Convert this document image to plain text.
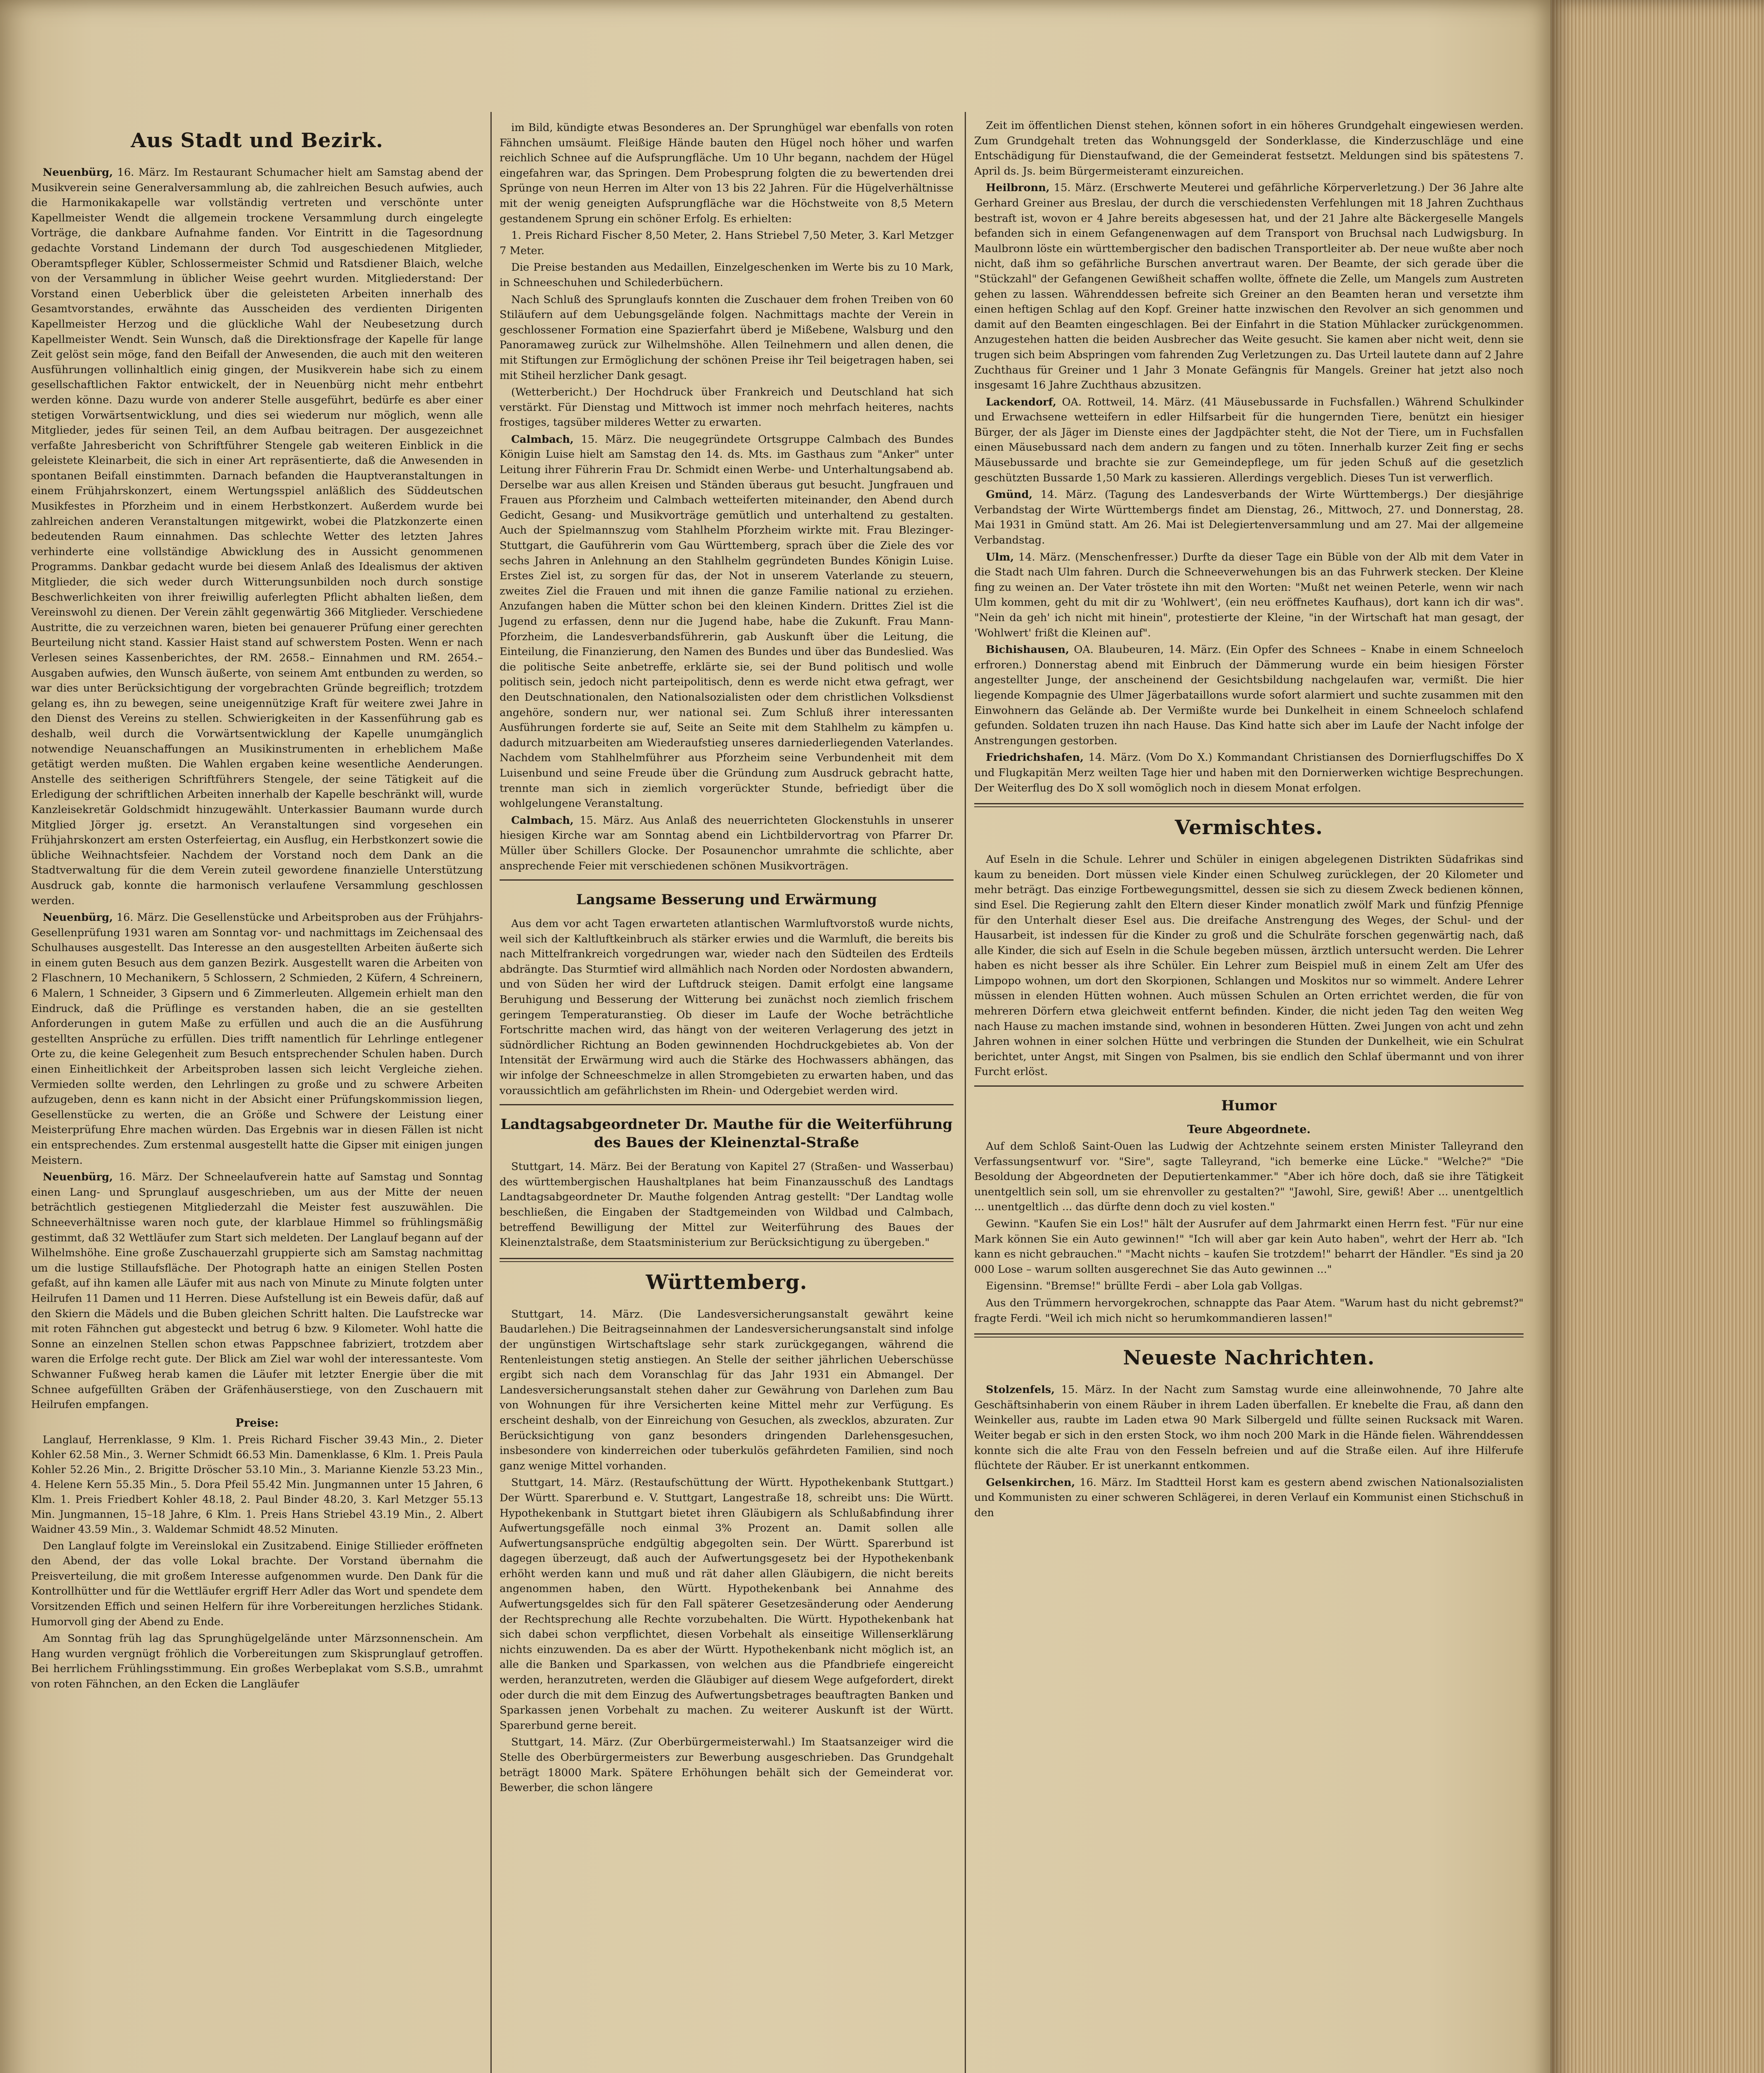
Aus Stadt und Bezirk.

Neuenbürg, 16. März. Im Restaurant Schumacher hielt am Samstag abend der Musikverein seine Generalversammlung ab, die zahlreichen Besuch aufwies, auch die Harmonikakapelle war vollständig vertreten und verschönte unter Kapellmeister Wendt die allgemein trockene Versammlung durch eingelegte Vorträge, die dankbare Aufnahme fanden. Vor Eintritt in die Tagesordnung gedachte Vorstand Lindemann der durch Tod ausgeschiedenen Mitglieder, Oberamtspfleger Kübler, Schlossermeister Schmid und Ratsdiener Blaich, welche von der Versammlung in üblicher Weise geehrt wurden. Mitgliederstand: Der Vorstand einen Ueberblick über die geleisteten Arbeiten innerhalb des Gesamtvorstandes, erwähnte das Ausscheiden des verdienten Dirigenten Kapellmeister Herzog und die glückliche Wahl der Neubesetzung durch Kapellmeister Wendt. Sein Wunsch, daß die Direktionsfrage der Kapelle für lange Zeit gelöst sein möge, fand den Beifall der Anwesenden, die auch mit den weiteren Ausführungen vollinhaltlich einig gingen, der Musikverein habe sich zu einem gesellschaftlichen Faktor entwickelt, der in Neuenbürg nicht mehr entbehrt werden könne. Dazu wurde von anderer Stelle ausgeführt, bedürfe es aber einer stetigen Vorwärtsentwicklung, und dies sei wiederum nur möglich, wenn alle Mitglieder, jedes für seinen Teil, an dem Aufbau beitragen. Der ausgezeichnet verfaßte Jahresbericht von Schriftführer Stengele gab weiteren Einblick in die geleistete Kleinarbeit, die sich in einer Art repräsentierte, daß die Anwesenden in spontanen Beifall einstimmten. Darnach befanden die Hauptveranstaltungen in einem Frühjahrskonzert, einem Wertungsspiel anläßlich des Süddeutschen Musikfestes in Pforzheim und in einem Herbstkonzert. Außerdem wurde bei zahlreichen anderen Veranstaltungen mitgewirkt, wobei die Platzkonzerte einen bedeutenden Raum einnahmen. Das schlechte Wetter des letzten Jahres verhinderte eine vollständige Abwicklung des in Aussicht genommenen Programms. Dankbar gedacht wurde bei diesem Anlaß des Idealismus der aktiven Mitglieder, die sich weder durch Witterungsunbilden noch durch sonstige Beschwerlichkeiten von ihrer freiwillig auferlegten Pflicht abhalten ließen, dem Vereinswohl zu dienen. Der Verein zählt gegenwärtig 366 Mitglieder. Verschiedene Austritte, die zu verzeichnen waren, bieten bei genauerer Prüfung einer gerechten Beurteilung nicht stand. Kassier Haist stand auf schwerstem Posten. Wenn er nach Verlesen seines Kassenberichtes, der RM. 2658.– Einnahmen und RM. 2654.– Ausgaben aufwies, den Wunsch äußerte, von seinem Amt entbunden zu werden, so war dies unter Berücksichtigung der vorgebrachten Gründe begreiflich; trotzdem gelang es, ihn zu bewegen, seine uneigennützige Kraft für weitere zwei Jahre in den Dienst des Vereins zu stellen. Schwierigkeiten in der Kassenführung gab es deshalb, weil durch die Vorwärtsentwicklung der Kapelle unumgänglich notwendige Neuanschaffungen an Musikinstrumenten in erheblichem Maße getätigt werden mußten. Die Wahlen ergaben keine wesentliche Aenderungen. Anstelle des seitherigen Schriftführers Stengele, der seine Tätigkeit auf die Erledigung der schriftlichen Arbeiten innerhalb der Kapelle beschränkt will, wurde Kanzleisekretär Goldschmidt hinzugewählt. Unterkassier Baumann wurde durch Mitglied Jörger jg. ersetzt. An Veranstaltungen sind vorgesehen ein Frühjahrskonzert am ersten Osterfeiertag, ein Ausflug, ein Herbstkonzert sowie die übliche Weihnachtsfeier. Nachdem der Vorstand noch dem Dank an die Stadtverwaltung für die dem Verein zuteil gewordene finanzielle Unterstützung Ausdruck gab, konnte die harmonisch verlaufene Versammlung geschlossen werden.

Neuenbürg, 16. März. Die Gesellenstücke und Arbeitsproben aus der Frühjahrs-Gesellenprüfung 1931 waren am Sonntag vor- und nachmittags im Zeichensaal des Schulhauses ausgestellt. Das Interesse an den ausgestellten Arbeiten äußerte sich in einem guten Besuch aus dem ganzen Bezirk. Ausgestellt waren die Arbeiten von 2 Flaschnern, 10 Mechanikern, 5 Schlossern, 2 Schmieden, 2 Küfern, 4 Schreinern, 6 Malern, 1 Schneider, 3 Gipsern und 6 Zimmerleuten. Allgemein erhielt man den Eindruck, daß die Prüflinge es verstanden haben, die an sie gestellten Anforderungen in gutem Maße zu erfüllen und auch die an die Ausführung gestellten Ansprüche zu erfüllen. Dies trifft namentlich für Lehrlinge entlegener Orte zu, die keine Gelegenheit zum Besuch entsprechender Schulen haben. Durch einen Einheitlichkeit der Arbeitsproben lassen sich leicht Vergleiche ziehen. Vermieden sollte werden, den Lehrlingen zu große und zu schwere Arbeiten aufzugeben, denn es kann nicht in der Absicht einer Prüfungskommission liegen, Gesellenstücke zu werten, die an Größe und Schwere der Leistung einer Meisterprüfung Ehre machen würden. Das Ergebnis war in diesen Fällen ist nicht ein entsprechendes. Zum erstenmal ausgestellt hatte die Gipser mit einigen jungen Meistern.

Neuenbürg, 16. März. Der Schneelaufverein hatte auf Samstag und Sonntag einen Lang- und Sprunglauf ausgeschrieben, um aus der Mitte der neuen beträchtlich gestiegenen Mitgliederzahl die Meister fest auszuwählen. Die Schneeverhältnisse waren noch gute, der klarblaue Himmel so frühlingsmäßig gestimmt, daß 32 Wettläufer zum Start sich meldeten. Der Langlauf begann auf der Wilhelmshöhe. Eine große Zuschauerzahl gruppierte sich am Samstag nachmittag um die lustige Stillaufsfläche. Der Photograph hatte an einigen Stellen Posten gefaßt, auf ihn kamen alle Läufer mit aus nach von Minute zu Minute folgten unter Heilrufen 11 Damen und 11 Herren. Diese Aufstellung ist ein Beweis dafür, daß auf den Skiern die Mädels und die Buben gleichen Schritt halten. Die Laufstrecke war mit roten Fähnchen gut abgesteckt und betrug 6 bzw. 9 Kilometer. Wohl hatte die Sonne an einzelnen Stellen schon etwas Pappschnee fabriziert, trotzdem aber waren die Erfolge recht gute. Der Blick am Ziel war wohl der interessanteste. Vom Schwanner Fußweg herab kamen die Läufer mit letzter Energie über die mit Schnee aufgefüllten Gräben der Gräfenhäuserstiege, von den Zuschauern mit Heilrufen empfangen.

Preise:

Langlauf, Herrenklasse, 9 Klm. 1. Preis Richard Fischer 39.43 Min., 2. Dieter Kohler 62.58 Min., 3. Werner Schmidt 66.53 Min. Damenklasse, 6 Klm. 1. Preis Paula Kohler 52.26 Min., 2. Brigitte Dröscher 53.10 Min., 3. Marianne Kienzle 53.23 Min., 4. Helene Kern 55.35 Min., 5. Dora Pfeil 55.42 Min. Jungmannen unter 15 Jahren, 6 Klm. 1. Preis Friedbert Kohler 48.18, 2. Paul Binder 48.20, 3. Karl Metzger 55.13 Min. Jungmannen, 15–18 Jahre, 6 Klm. 1. Preis Hans Striebel 43.19 Min., 2. Albert Waidner 43.59 Min., 3. Waldemar Schmidt 48.52 Minuten.

Den Langlauf folgte im Vereinslokal ein Zusitzabend. Einige Stillieder eröffneten den Abend, der das volle Lokal brachte. Der Vorstand übernahm die Preisverteilung, die mit großem Interesse aufgenommen wurde. Den Dank für die Kontrollhütter und für die Wettläufer ergriff Herr Adler das Wort und spendete dem Vorsitzenden Effich und seinen Helfern für ihre Vorbereitungen herzliches Stidank. Humorvoll ging der Abend zu Ende.

Am Sonntag früh lag das Sprunghügelgelände unter Märzsonnenschein. Am Hang wurden vergnügt fröhlich die Vorbereitungen zum Skisprunglauf getroffen. Bei herrlichem Frühlingsstimmung. Ein großes Werbeplakat vom S.S.B., umrahmt von roten Fähnchen, an den Ecken die Langläufer

im Bild, kündigte etwas Besonderes an. Der Sprunghügel war ebenfalls von roten Fähnchen umsäumt. Fleißige Hände bauten den Hügel noch höher und warfen reichlich Schnee auf die Aufsprungfläche. Um 10 Uhr begann, nachdem der Hügel eingefahren war, das Springen. Dem Probesprung folgten die zu bewertenden drei Sprünge von neun Herren im Alter von 13 bis 22 Jahren. Für die Hügelverhältnisse mit der wenig geneigten Aufsprungfläche war die Höchstweite von 8,5 Metern gestandenem Sprung ein schöner Erfolg. Es erhielten:

1. Preis Richard Fischer 8,50 Meter, 2. Hans Striebel 7,50 Meter, 3. Karl Metzger 7 Meter.

Die Preise bestanden aus Medaillen, Einzelgeschenken im Werte bis zu 10 Mark, in Schneeschuhen und Schilederbüchern.

Nach Schluß des Sprunglaufs konnten die Zuschauer dem frohen Treiben von 60 Stiläufern auf dem Uebungsgelände folgen. Nachmittags machte der Verein in geschlossener Formation eine Spazierfahrt überd je Mißebene, Walsburg und den Panoramaweg zurück zur Wilhelmshöhe. Allen Teilnehmern und allen denen, die mit Stiftungen zur Ermöglichung der schönen Preise ihr Teil beigetragen haben, sei mit Stiheil herzlicher Dank gesagt.

(Wetterbericht.) Der Hochdruck über Frankreich und Deutschland hat sich verstärkt. Für Dienstag und Mittwoch ist immer noch mehrfach heiteres, nachts frostiges, tagsüber milderes Wetter zu erwarten.

Calmbach, 15. März. Die neugegründete Ortsgruppe Calmbach des Bundes Königin Luise hielt am Samstag den 14. ds. Mts. im Gasthaus zum "Anker" unter Leitung ihrer Führerin Frau Dr. Schmidt einen Werbe- und Unterhaltungsabend ab. Derselbe war aus allen Kreisen und Ständen überaus gut besucht. Jungfrauen und Frauen aus Pforzheim und Calmbach wetteiferten miteinander, den Abend durch Gedicht, Gesang- und Musikvorträge gemütlich und unterhaltend zu gestalten. Auch der Spielmannszug vom Stahlhelm Pforzheim wirkte mit. Frau Blezinger-Stuttgart, die Gauführerin vom Gau Württemberg, sprach über die Ziele des vor sechs Jahren in Anlehnung an den Stahlhelm gegründeten Bundes Königin Luise. Erstes Ziel ist, zu sorgen für das, der Not in unserem Vaterlande zu steuern, zweites Ziel die Frauen und mit ihnen die ganze Familie national zu erziehen. Anzufangen haben die Mütter schon bei den kleinen Kindern. Drittes Ziel ist die Jugend zu erfassen, denn nur die Jugend habe, habe die Zukunft. Frau Mann-Pforzheim, die Landesverbandsführerin, gab Auskunft über die Leitung, die Einteilung, die Finanzierung, den Namen des Bundes und über das Bundeslied. Was die politische Seite anbetreffe, erklärte sie, sei der Bund politisch und wolle politisch sein, jedoch nicht parteipolitisch, denn es werde nicht etwa gefragt, wer den Deutschnationalen, den Nationalsozialisten oder dem christlichen Volksdienst angehöre, sondern nur, wer national sei. Zum Schluß ihrer interessanten Ausführungen forderte sie auf, Seite an Seite mit dem Stahlhelm zu kämpfen u. dadurch mitzuarbeiten am Wiederaufstieg unseres darniederliegenden Vaterlandes. Nachdem vom Stahlhelmführer aus Pforzheim seine Verbundenheit mit dem Luisenbund und seine Freude über die Gründung zum Ausdruck gebracht hatte, trennte man sich in ziemlich vorgerückter Stunde, befriedigt über die wohlgelungene Veranstaltung.

Calmbach, 15. März. Aus Anlaß des neuerrichteten Glockenstuhls in unserer hiesigen Kirche war am Sonntag abend ein Lichtbildervortrag von Pfarrer Dr. Müller über Schillers Glocke. Der Posaunenchor umrahmte die schlichte, aber ansprechende Feier mit verschiedenen schönen Musikvorträgen.

Langsame Besserung und Erwärmung

Aus dem vor acht Tagen erwarteten atlantischen Warmluftvorstoß wurde nichts, weil sich der Kaltluftkeinbruch als stärker erwies und die Warmluft, die bereits bis nach Mittelfrankreich vorgedrungen war, wieder nach den Südteilen des Erdteils abdrängte. Das Sturmtief wird allmählich nach Norden oder Nordosten abwandern, und von Süden her wird der Luftdruck steigen. Damit erfolgt eine langsame Beruhigung und Besserung der Witterung bei zunächst noch ziemlich frischem geringem Temperaturanstieg. Ob dieser im Laufe der Woche beträchtliche Fortschritte machen wird, das hängt von der weiteren Verlagerung des jetzt in südnördlicher Richtung an Boden gewinnenden Hochdruckgebietes ab. Von der Intensität der Erwärmung wird auch die Stärke des Hochwassers abhängen, das wir infolge der Schneeschmelze in allen Stromgebieten zu erwarten haben, und das voraussichtlich am gefährlichsten im Rhein- und Odergebiet werden wird.

Landtagsabgeordneter Dr. Mauthe für die Weiterführung des Baues der Kleinenztal-Straße

Stuttgart, 14. März. Bei der Beratung von Kapitel 27 (Straßen- und Wasserbau) des württembergischen Haushaltplanes hat beim Finanzausschuß des Landtags Landtagsabgeordneter Dr. Mauthe folgenden Antrag gestellt: "Der Landtag wolle beschließen, die Eingaben der Stadtgemeinden von Wildbad und Calmbach, betreffend Bewilligung der Mittel zur Weiterführung des Baues der Kleinenztalstraße, dem Staatsministerium zur Berücksichtigung zu übergeben."

Württemberg.

Stuttgart, 14. März. (Die Landesversicherungsanstalt gewährt keine Baudarlehen.) Die Beitragseinnahmen der Landesversicherungsanstalt sind infolge der ungünstigen Wirtschaftslage sehr stark zurückgegangen, während die Rentenleistungen stetig anstiegen. An Stelle der seither jährlichen Ueberschüsse ergibt sich nach dem Voranschlag für das Jahr 1931 ein Abmangel. Der Landesversicherungsanstalt stehen daher zur Gewährung von Darlehen zum Bau von Wohnungen für ihre Versicherten keine Mittel mehr zur Verfügung. Es erscheint deshalb, von der Einreichung von Gesuchen, als zwecklos, abzuraten. Zur Berücksichtigung von ganz besonders dringenden Darlehensgesuchen, insbesondere von kinderreichen oder tuberkulös gefährdeten Familien, sind noch ganz wenige Mittel vorhanden.

Stuttgart, 14. März. (Restaufschüttung der Württ. Hypothekenbank Stuttgart.) Der Württ. Sparerbund e. V. Stuttgart, Langestraße 18, schreibt uns: Die Württ. Hypothekenbank in Stuttgart bietet ihren Gläubigern als Schlußabfindung ihrer Aufwertungsgefälle noch einmal 3% Prozent an. Damit sollen alle Aufwertungsansprüche endgültig abgegolten sein. Der Württ. Sparerbund ist dagegen überzeugt, daß auch der Aufwertungsgesetz bei der Hypothekenbank erhöht werden kann und muß und rät daher allen Gläubigern, die nicht bereits angenommen haben, den Württ. Hypothekenbank bei Annahme des Aufwertungsgeldes sich für den Fall späterer Gesetzesänderung oder Aenderung der Rechtsprechung alle Rechte vorzubehalten. Die Württ. Hypothekenbank hat sich dabei schon verpflichtet, diesen Vorbehalt als einseitige Willenserklärung nichts einzuwenden. Da es aber der Württ. Hypothekenbank nicht möglich ist, an alle die Banken und Sparkassen, von welchen aus die Pfandbriefe eingereicht werden, heranzutreten, werden die Gläubiger auf diesem Wege aufgefordert, direkt oder durch die mit dem Einzug des Aufwertungsbetrages beauftragten Banken und Sparkassen jenen Vorbehalt zu machen. Zu weiterer Auskunft ist der Württ. Sparerbund gerne bereit.

Stuttgart, 14. März. (Zur Oberbürgermeisterwahl.) Im Staatsanzeiger wird die Stelle des Oberbürgermeisters zur Bewerbung ausgeschrieben. Das Grundgehalt beträgt 18000 Mark. Spätere Erhöhungen behält sich der Gemeinderat vor. Bewerber, die schon längere

Zeit im öffentlichen Dienst stehen, können sofort in ein höheres Grundgehalt eingewiesen werden. Zum Grundgehalt treten das Wohnungsgeld der Sonderklasse, die Kinderzuschläge und eine Entschädigung für Dienstaufwand, die der Gemeinderat festsetzt. Meldungen sind bis spätestens 7. April ds. Js. beim Bürgermeisteramt einzureichen.

Heilbronn, 15. März. (Erschwerte Meuterei und gefährliche Körperverletzung.) Der 36 Jahre alte Gerhard Greiner aus Breslau, der durch die verschiedensten Verfehlungen mit 18 Jahren Zuchthaus bestraft ist, wovon er 4 Jahre bereits abgesessen hat, und der 21 Jahre alte Bäckergeselle Mangels befanden sich in einem Gefangenenwagen auf dem Transport von Bruchsal nach Ludwigsburg. In Maulbronn löste ein württembergischer den badischen Transportleiter ab. Der neue wußte aber noch nicht, daß ihm so gefährliche Burschen anvertraut waren. Der Beamte, der sich gerade über die "Stückzahl" der Gefangenen Gewißheit schaffen wollte, öffnete die Zelle, um Mangels zum Austreten gehen zu lassen. Währenddessen befreite sich Greiner an den Beamten heran und versetzte ihm einen heftigen Schlag auf den Kopf. Greiner hatte inzwischen den Revolver an sich genommen und damit auf den Beamten eingeschlagen. Bei der Einfahrt in die Station Mühlacker zurückgenommen. Anzugestehen hatten die beiden Ausbrecher das Weite gesucht. Sie kamen aber nicht weit, denn sie trugen sich beim Abspringen vom fahrenden Zug Verletzungen zu. Das Urteil lautete dann auf 2 Jahre Zuchthaus für Greiner und 1 Jahr 3 Monate Gefängnis für Mangels. Greiner hat jetzt also noch insgesamt 16 Jahre Zuchthaus abzusitzen.

Lackendorf, OA. Rottweil, 14. März. (41 Mäusebussarde in Fuchsfallen.) Während Schulkinder und Erwachsene wetteifern in edler Hilfsarbeit für die hungernden Tiere, benützt ein hiesiger Bürger, der als Jäger im Dienste eines der Jagdpächter steht, die Not der Tiere, um in Fuchsfallen einen Mäusebussard nach dem andern zu fangen und zu töten. Innerhalb kurzer Zeit fing er sechs Mäusebussarde und brachte sie zur Gemeindepflege, um für jeden Schuß auf die gesetzlich geschützten Bussarde 1,50 Mark zu kassieren. Allerdings vergeblich. Dieses Tun ist verwerflich.

Gmünd, 14. März. (Tagung des Landesverbands der Wirte Württembergs.) Der diesjährige Verbandstag der Wirte Württembergs findet am Dienstag, 26., Mittwoch, 27. und Donnerstag, 28. Mai 1931 in Gmünd statt. Am 26. Mai ist Delegiertenversammlung und am 27. Mai der allgemeine Verbandstag.

Ulm, 14. März. (Menschenfresser.) Durfte da dieser Tage ein Büble von der Alb mit dem Vater in die Stadt nach Ulm fahren. Durch die Schneeverwehungen bis an das Fuhrwerk stecken. Der Kleine fing zu weinen an. Der Vater tröstete ihn mit den Worten: "Mußt net weinen Peterle, wenn wir nach Ulm kommen, geht du mit dir zu 'Wohlwert', (ein neu eröffnetes Kaufhaus), dort kann ich dir was". "Nein da geh' ich nicht mit hinein", protestierte der Kleine, "in der Wirtschaft hat man gesagt, der 'Wohlwert' frißt die Kleinen auf".

Bichishausen, OA. Blaubeuren, 14. März. (Ein Opfer des Schnees – Knabe in einem Schneeloch erfroren.) Donnerstag abend mit Einbruch der Dämmerung wurde ein beim hiesigen Förster angestellter Junge, der anscheinend der Gesichtsbildung nachgelaufen war, vermißt. Die hier liegende Kompagnie des Ulmer Jägerbataillons wurde sofort alarmiert und suchte zusammen mit den Einwohnern das Gelände ab. Der Vermißte wurde bei Dunkelheit in einem Schneeloch schlafend gefunden. Soldaten truzen ihn nach Hause. Das Kind hatte sich aber im Laufe der Nacht infolge der Anstrengungen gestorben.

Friedrichshafen, 14. März. (Vom Do X.) Kommandant Christiansen des Dornierflugschiffes Do X und Flugkapitän Merz weilten Tage hier und haben mit den Dornierwerken wichtige Besprechungen. Der Weiterflug des Do X soll womöglich noch in diesem Monat erfolgen.

Vermischtes.

Auf Eseln in die Schule. Lehrer und Schüler in einigen abgelegenen Distrikten Südafrikas sind kaum zu beneiden. Dort müssen viele Kinder einen Schulweg zurücklegen, der 20 Kilometer und mehr beträgt. Das einzige Fortbewegungsmittel, dessen sie sich zu diesem Zweck bedienen können, sind Esel. Die Regierung zahlt den Eltern dieser Kinder monatlich zwölf Mark und fünfzig Pfennige für den Unterhalt dieser Esel aus. Die dreifache Anstrengung des Weges, der Schul- und der Hausarbeit, ist indessen für die Kinder zu groß und die Schulräte forschen gegenwärtig nach, daß alle Kinder, die sich auf Eseln in die Schule begeben müssen, ärztlich untersucht werden. Die Lehrer haben es nicht besser als ihre Schüler. Ein Lehrer zum Beispiel muß in einem Zelt am Ufer des Limpopo wohnen, um dort den Skorpionen, Schlangen und Moskitos nur so wimmelt. Andere Lehrer müssen in elenden Hütten wohnen. Auch müssen Schulen an Orten errichtet werden, die für von mehreren Dörfern etwa gleichweit entfernt befinden. Kinder, die nicht jeden Tag den weiten Weg nach Hause zu machen imstande sind, wohnen in besonderen Hütten. Zwei Jungen von acht und zehn Jahren wohnen in einer solchen Hütte und verbringen die Stunden der Dunkelheit, wie ein Schulrat berichtet, unter Angst, mit Singen von Psalmen, bis sie endlich den Schlaf übermannt und von ihrer Furcht erlöst.

Humor
Teure Abgeordnete.

Auf dem Schloß Saint-Ouen las Ludwig der Achtzehnte seinem ersten Minister Talleyrand den Verfassungsentwurf vor. "Sire", sagte Talleyrand, "ich bemerke eine Lücke." "Welche?" "Die Besoldung der Abgeordneten der Deputiertenkammer." "Aber ich höre doch, daß sie ihre Tätigkeit unentgeltlich sein soll, um sie ehrenvoller zu gestalten?" "Jawohl, Sire, gewiß! Aber ... unentgeltlich ... unentgeltlich ... das dürfte denn doch zu viel kosten."

Gewinn. "Kaufen Sie ein Los!" hält der Ausrufer auf dem Jahrmarkt einen Herrn fest. "Für nur eine Mark können Sie ein Auto gewinnen!" "Ich will aber gar kein Auto haben", wehrt der Herr ab. "Ich kann es nicht gebrauchen." "Macht nichts – kaufen Sie trotzdem!" beharrt der Händler. "Es sind ja 20 000 Lose – warum sollten ausgerechnet Sie das Auto gewinnen ..."

Eigensinn. "Bremse!" brüllte Ferdi – aber Lola gab Vollgas.

Aus den Trümmern hervorgekrochen, schnappte das Paar Atem. "Warum hast du nicht gebremst?" fragte Ferdi. "Weil ich mich nicht so herumkommandieren lassen!"

Neueste Nachrichten.

Stolzenfels, 15. März. In der Nacht zum Samstag wurde eine alleinwohnende, 70 Jahre alte Geschäftsinhaberin von einem Räuber in ihrem Laden überfallen. Er knebelte die Frau, aß dann den Weinkeller aus, raubte im Laden etwa 90 Mark Silbergeld und füllte seinen Rucksack mit Waren. Weiter begab er sich in den ersten Stock, wo ihm noch 200 Mark in die Hände fielen. Währenddessen konnte sich die alte Frau von den Fesseln befreien und auf die Straße eilen. Auf ihre Hilferufe flüchtete der Räuber. Er ist unerkannt entkommen.

Gelsenkirchen, 16. März. Im Stadtteil Horst kam es gestern abend zwischen Nationalsozialisten und Kommunisten zu einer schweren Schlägerei, in deren Verlauf ein Kommunist einen Stichschuß in den
